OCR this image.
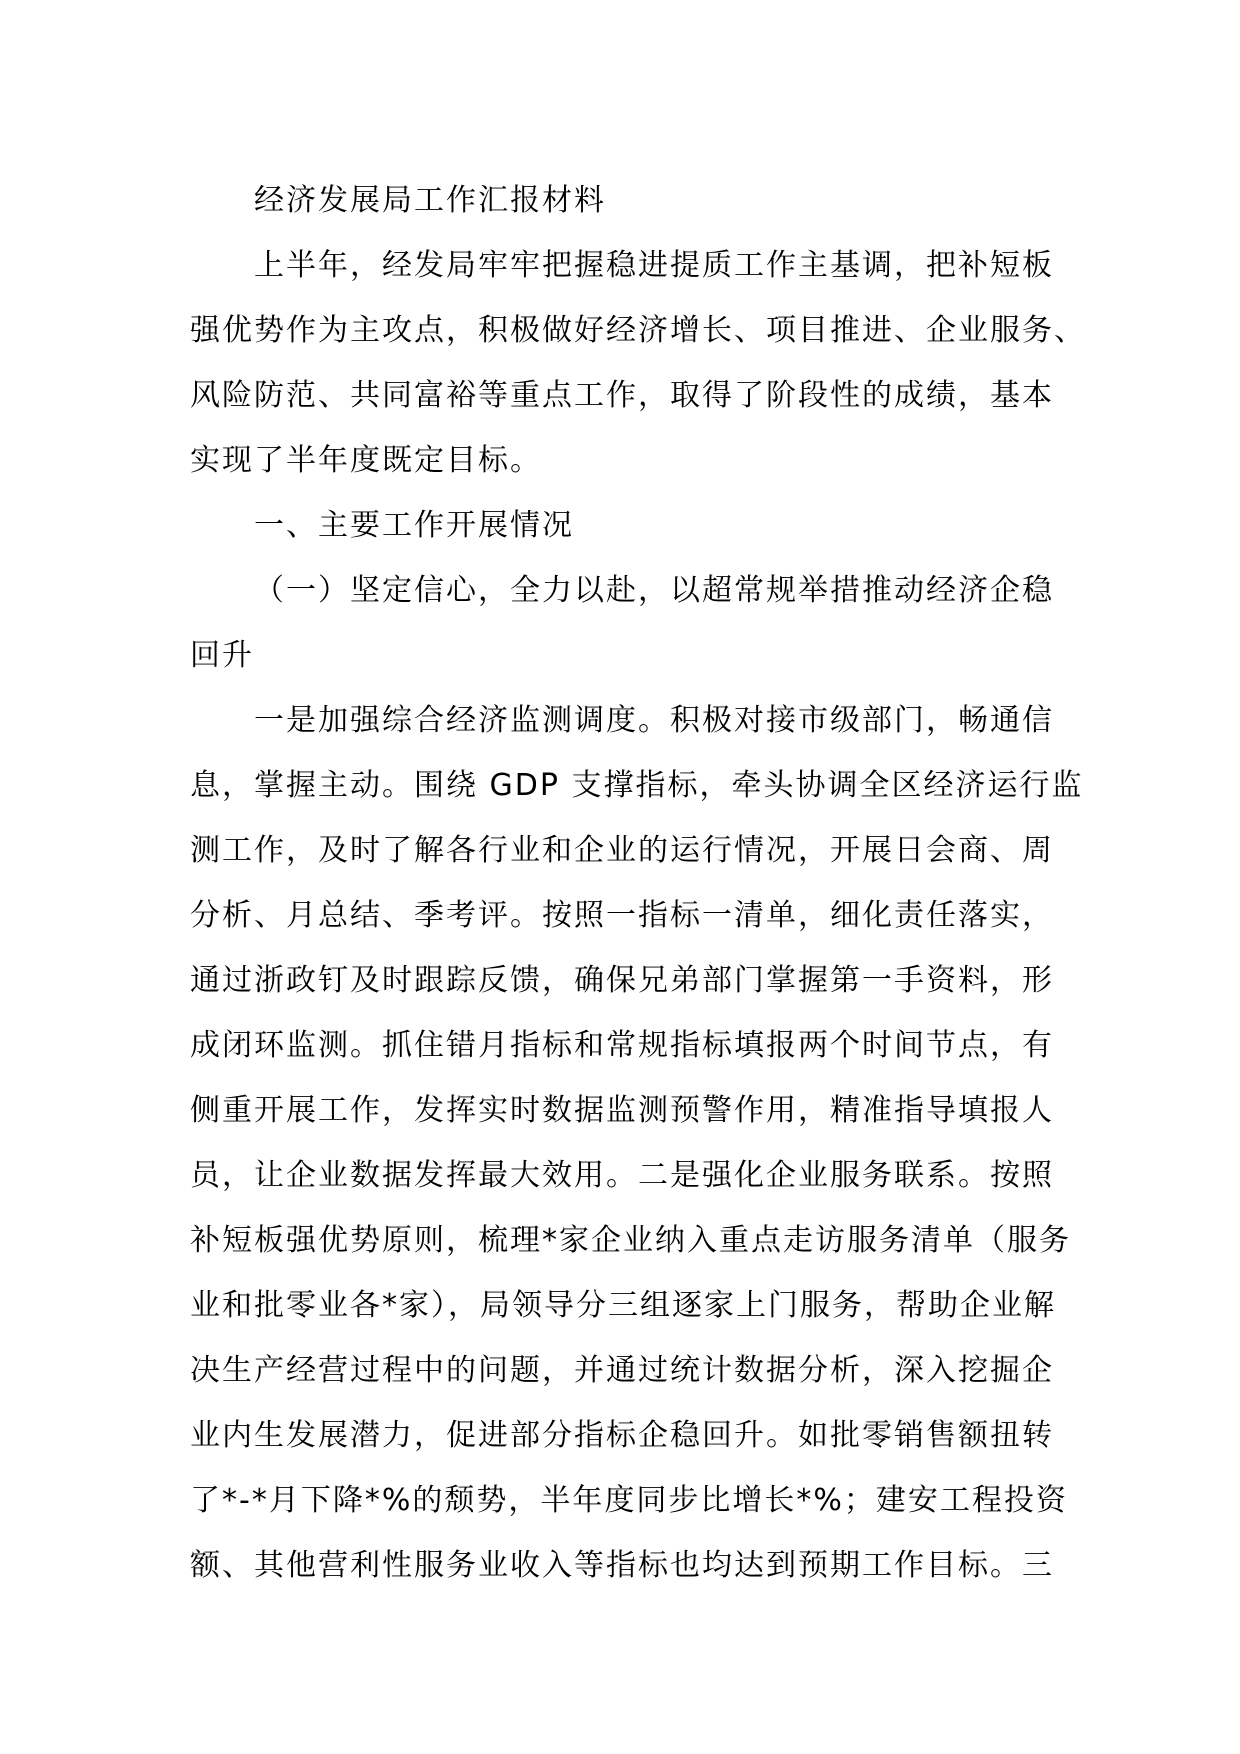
经济发展局工作汇报材料
上半年，经发局牢牢把握稳进提质工作主基调，把补短板
强优势作为主攻点，积极做好经济增长、项目推进、企业服务、
风险防范、共同富裕等重点工作，取得了阶段性的成绩，基本
实现了半年度既定目标。
一、主要工作开展情况
（一）坚定信心，全力以赴，以超常规举措推动经济企稳
回升
一是加强综合经济监测调度。积极对接市级部门，畅通信
息，掌握主动。围绕 GDP 支撑指标，牵头协调全区经济运行监
测工作，及时了解各行业和企业的运行情况，开展日会商、周
分析、月总结、季考评。按照一指标一清单，细化责任落实，
通过浙政钉及时跟踪反馈，确保兄弟部门掌握第一手资料，形
成闭环监测。抓住错月指标和常规指标填报两个时间节点，有
侧重开展工作，发挥实时数据监测预警作用，精准指导填报人
员，让企业数据发挥最大效用。二是强化企业服务联系。按照
补短板强优势原则，梳理*家企业纳入重点走访服务清单（服务
业和批零业各*家），局领导分三组逐家上门服务，帮助企业解
决生产经营过程中的问题，并通过统计数据分析，深入挖掘企
业内生发展潜力，促进部分指标企稳回升。如批零销售额扭转
了*-*月下降*%的颓势，半年度同步比增长*%；建安工程投资
额、其他营利性服务业收入等指标也均达到预期工作目标。三
